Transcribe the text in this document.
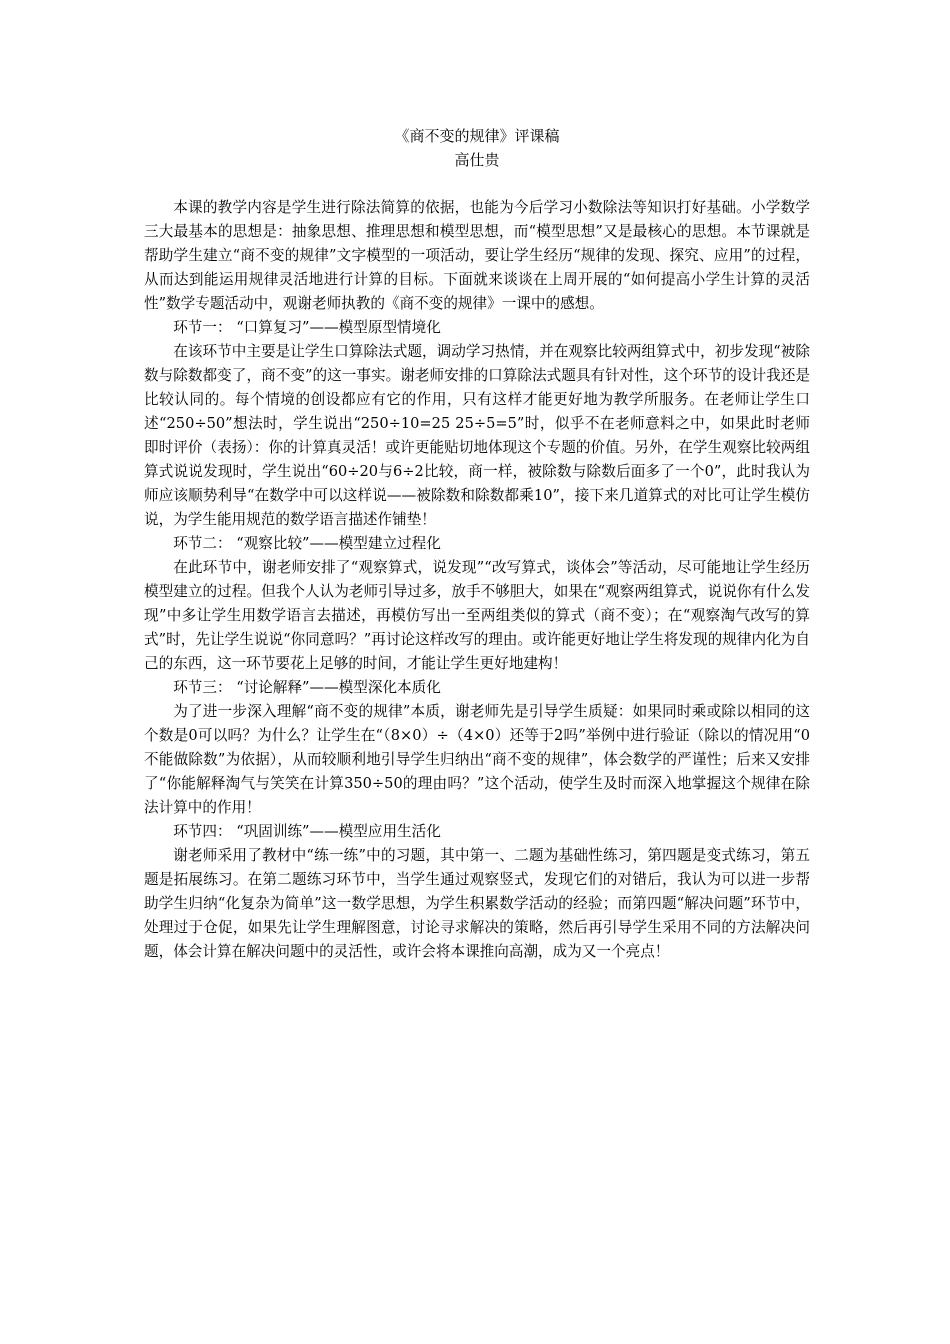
《商不变的规律》评课稿

高仕贵

本课的教学内容是学生进行除法简算的依据，也能为今后学习小数除法等知识打好基础。小学数学三大最基本的思想是：抽象思想、推理思想和模型思想，而“模型思想”又是最核心的思想。本节课就是帮助学生建立“商不变的规律”文字模型的一项活动，要让学生经历“规律的发现、探究、应用”的过程，从而达到能运用规律灵活地进行计算的目标。下面就来谈谈在上周开展的“如何提高小学生计算的灵活性”数学专题活动中，观谢老师执教的《商不变的规律》一课中的感想。

环节一： “口算复习”——模型原型情境化

在该环节中主要是让学生口算除法式题，调动学习热情，并在观察比较两组算式中，初步发现“被除数与除数都变了，商不变”的这一事实。谢老师安排的口算除法式题具有针对性，这个环节的设计我还是比较认同的。每个情境的创设都应有它的作用，只有这样才能更好地为教学所服务。在老师让学生口述“250÷50”想法时，学生说出“250÷10=25 25÷5=5”时，似乎不在老师意料之中，如果此时老师即时评价（表扬）：你的计算真灵活！或许更能贴切地体现这个专题的价值。另外，在学生观察比较两组算式说说发现时，学生说出“60÷20与6÷2比较，商一样，被除数与除数后面多了一个0”，此时我认为师应该顺势利导“在数学中可以这样说——被除数和除数都乘10”，接下来几道算式的对比可让学生模仿说，为学生能用规范的数学语言描述作铺垫！

环节二： “观察比较”——模型建立过程化

在此环节中，谢老师安排了“观察算式，说发现”“改写算式，谈体会”等活动，尽可能地让学生经历模型建立的过程。但我个人认为老师引导过多，放手不够胆大，如果在“观察两组算式，说说你有什么发现”中多让学生用数学语言去描述，再模仿写出一至两组类似的算式（商不变）；在“观察淘气改写的算式”时，先让学生说说“你同意吗？”再讨论这样改写的理由。或许能更好地让学生将发现的规律内化为自己的东西，这一环节要花上足够的时间，才能让学生更好地建构！

环节三： “讨论解释”——模型深化本质化

为了进一步深入理解“商不变的规律”本质，谢老师先是引导学生质疑：如果同时乘或除以相同的这个数是0可以吗？为什么？让学生在“（8×0）÷（4×0）还等于2吗”举例中进行验证（除以的情况用“0不能做除数”为依据），从而较顺利地引导学生归纳出“商不变的规律”，体会数学的严谨性；后来又安排了“你能解释淘气与笑笑在计算350÷50的理由吗？”这个活动，使学生及时而深入地掌握这个规律在除法计算中的作用！

环节四： “巩固训练”——模型应用生活化

谢老师采用了教材中“练一练”中的习题，其中第一、二题为基础性练习，第四题是变式练习，第五题是拓展练习。在第二题练习环节中，当学生通过观察竖式，发现它们的对错后，我认为可以进一步帮助学生归纳“化复杂为简单”这一数学思想，为学生积累数学活动的经验；而第四题“解决问题”环节中，处理过于仓促，如果先让学生理解图意，讨论寻求解决的策略，然后再引导学生采用不同的方法解决问题，体会计算在解决问题中的灵活性，或许会将本课推向高潮，成为又一个亮点！
